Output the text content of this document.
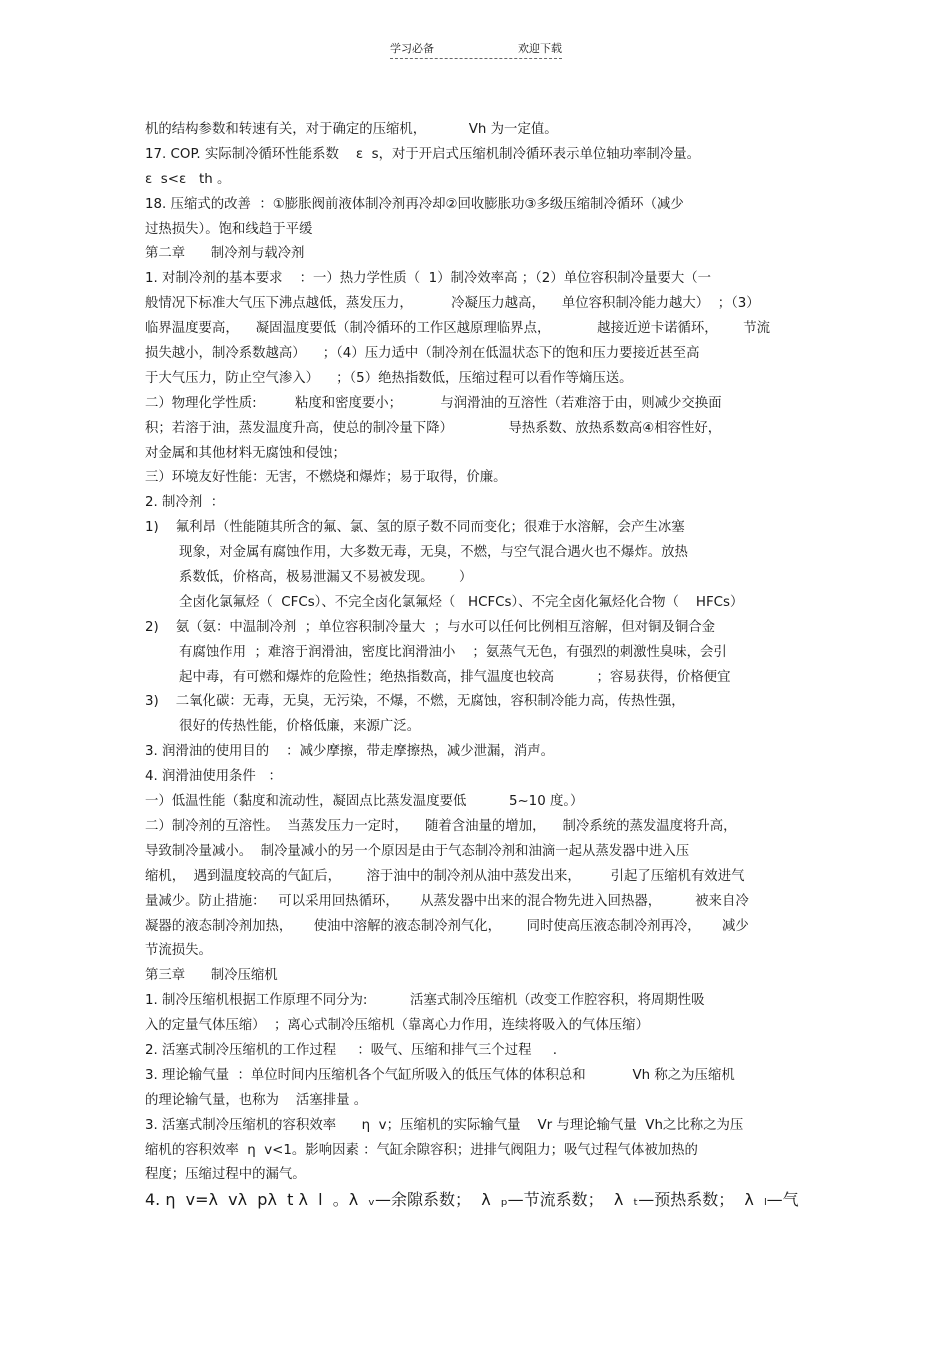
学习必备	欢迎下载
机的结构参数和转速有关，对于确定的压缩机，          Vh 为一定值。
17. COP. 实际制冷循环性能系数    ε  s，对于开启式压缩机制冷循环表示单位轴功率制冷量。
ε  s<ε   th 。
18. 压缩式的改善  ：①膨胀阀前液体制冷剂再冷却②回收膨胀功③多级压缩制冷循环（减少
过热损失）。饱和线趋于平缓
第二章      制冷剂与载冷剂
1. 对制冷剂的基本要求    ：一）热力学性质（  1）制冷效率高 ；（2）单位容积制冷量要大（一
般情况下标准大气压下沸点越低，蒸发压力，         冷凝压力越高，    单位容积制冷能力越大）  ；（3）
临界温度要高，    凝固温度要低（制冷循环的工作区越原理临界点，           越接近逆卡诺循环，      节流
损失越小，制冷系数越高）    ；（4）压力适中（制冷剂在低温状态下的饱和压力要接近甚至高
于大气压力，防止空气渗入）    ；（5）绝热指数低，压缩过程可以看作等熵压送。
二）物理化学性质:         粘度和密度要小；         与润滑油的互溶性（若难溶于由，则减少交换面
积；若溶于油，蒸发温度升高，使总的制冷量下降）             导热系数、放热系数高④相容性好，
对金属和其他材料无腐蚀和侵蚀；
三）环境友好性能：无害，不燃烧和爆炸；易于取得，价廉。
2. 制冷剂  ：
1)    氟利昂（性能随其所含的氟、氯、氢的原子数不同而变化；很难于水溶解，会产生冰塞
现象，对金属有腐蚀作用，大多数无毒，无臭，不燃，与空气混合遇火也不爆炸。放热
系数低，价格高，极易泄漏又不易被发现。      ）
全卤化氯氟烃（  CFCs）、不完全卤化氯氟烃（   HCFCs）、不完全卤化氟烃化合物（    HFCs）
2)    氨（氨：中温制冷剂  ；单位容积制冷量大  ；与水可以任何比例相互溶解，但对铜及铜合金
有腐蚀作用  ；难溶于润滑油，密度比润滑油小    ；氨蒸气无色，有强烈的刺激性臭味，会引
起中毒，有可燃和爆炸的危险性；绝热指数高，排气温度也较高          ；容易获得，价格便宜
3)    二氧化碳：无毒，无臭，无污染，不爆，不燃，无腐蚀，容积制冷能力高，传热性强，
很好的传热性能，价格低廉，来源广泛。
3. 润滑油的使用目的    ：减少摩擦，带走摩擦热，减少泄漏，消声。
4. 润滑油使用条件   ：
一）低温性能（黏度和流动性，凝固点比蒸发温度要低          5~10 度。）
二）制冷剂的互溶性。  当蒸发压力一定时，    随着含油量的增加，    制冷系统的蒸发温度将升高，
导致制冷量减小。  制冷量减小的另一个原因是由于气态制冷剂和油滴一起从蒸发器中进入压
缩机，  遇到温度较高的气缸后，      溶于油中的制冷剂从油中蒸发出来，       引起了压缩机有效进气
量减少。防止措施：   可以采用回热循环，     从蒸发器中出来的混合物先进入回热器，        被来自冷
凝器的液态制冷剂加热，     使油中溶解的液态制冷剂气化，      同时使高压液态制冷剂再冷，     减少
节流损失。
第三章      制冷压缩机
1. 制冷压缩机根据工作原理不同分为:          活塞式制冷压缩机（改变工作腔容积，将周期性吸
入的定量气体压缩）  ；离心式制冷压缩机（靠离心力作用，连续将吸入的气体压缩）
2. 活塞式制冷压缩机的工作过程     ：吸气、压缩和排气三个过程     .
3. 理论输气量  ：单位时间内压缩机各个气缸所吸入的低压气体的体积总和           Vh 称之为压缩机
的理论输气量，也称为    活塞排量 。
3. 活塞式制冷压缩机的容积效率      η  v；压缩机的实际输气量    Vr 与理论输气量  Vh之比称之为压
缩机的容积效率  η  v<1。影响因素 ：气缸余隙容积；进排气阀阻力；吸气过程气体被加热的
程度；压缩过程中的漏气。
4. η  v=λ  vλ  pλ  t λ  l  。λ  ᵥ—余隙系数；  λ  ₚ—节流系数；  λ  ₜ—预热系数；  λ  ₗ—气
